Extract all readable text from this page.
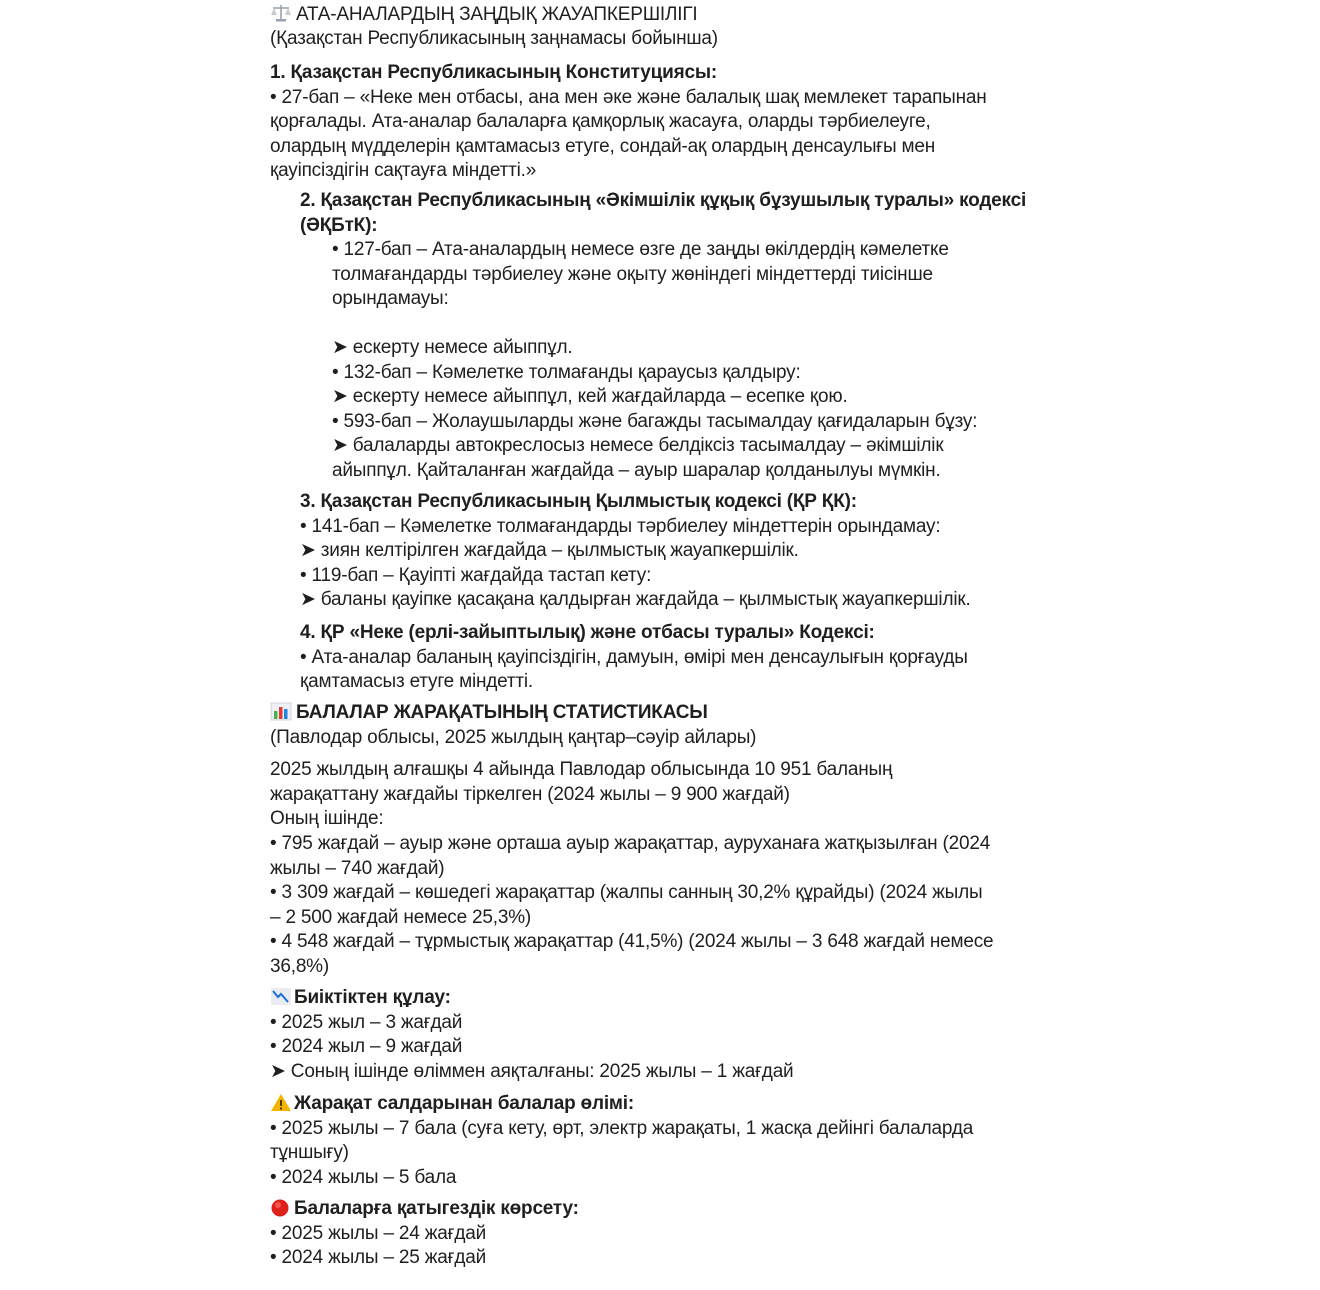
АТА-АНАЛАРДЫҢ ЗАҢДЫҚ ЖАУАПКЕРШІЛІГІ
(Қазақстан Республикасының заңнамасы бойынша)
1. Қазақстан Республикасының Конституциясы:
• 27-бап – «Неке мен отбасы, ана мен әке және балалық шақ мемлекет тарапынан
қорғалады. Ата-аналар балаларға қамқорлық жасауға, оларды тәрбиелеуге,
олардың мүдделерін қамтамасыз етуге, сондай-ақ олардың денсаулығы мен
қауіпсіздігін сақтауға міндетті.»
2. Қазақстан Республикасының «Әкімшілік құқық бұзушылық туралы» кодексі
(ӘҚБтК):
• 127-бап – Ата-аналардың немесе өзге де заңды өкілдердің кәмелетке
толмағандарды тәрбиелеу және оқыту жөніндегі міндеттерді тиісінше
орындамауы:
➤ ескерту немесе айыппұл.
• 132-бап – Кәмелетке толмағанды қараусыз қалдыру:
➤ ескерту немесе айыппұл, кей жағдайларда – есепке қою.
• 593-бап – Жолаушыларды және багажды тасымалдау қағидаларын бұзу:
➤ балаларды автокреслосыз немесе белдіксіз тасымалдау – әкімшілік
айыппұл. Қайталанған жағдайда – ауыр шаралар қолданылуы мүмкін.
3. Қазақстан Республикасының Қылмыстық кодексі (ҚР ҚК):
• 141-бап – Кәмелетке толмағандарды тәрбиелеу міндеттерін орындамау:
➤ зиян келтірілген жағдайда – қылмыстық жауапкершілік.
• 119-бап – Қауіпті жағдайда тастап кету:
➤ баланы қауіпке қасақана қалдырған жағдайда – қылмыстық жауапкершілік.
4. ҚР «Неке (ерлі-зайыптылық) және отбасы туралы» Кодексі:
• Ата-аналар баланың қауіпсіздігін, дамуын, өмірі мен денсаулығын қорғауды
қамтамасыз етуге міндетті.
БАЛАЛАР ЖАРАҚАТЫНЫҢ СТАТИСТИКАСЫ
(Павлодар облысы, 2025 жылдың қаңтар–сәуір айлары)
2025 жылдың алғашқы 4 айында Павлодар облысында 10 951 баланың
жарақаттану жағдайы тіркелген (2024 жылы – 9 900 жағдай)
Оның ішінде:
• 795 жағдай – ауыр және орташа ауыр жарақаттар, ауруханаға жатқызылған (2024
жылы – 740 жағдай)
• 3 309 жағдай – көшедегі жарақаттар (жалпы санның 30,2% құрайды) (2024 жылы
– 2 500 жағдай немесе 25,3%)
• 4 548 жағдай – тұрмыстық жарақаттар (41,5%) (2024 жылы – 3 648 жағдай немесе
36,8%)
Биіктіктен құлау:
• 2025 жыл – 3 жағдай
• 2024 жыл – 9 жағдай
➤ Соның ішінде өліммен аяқталғаны: 2025 жылы – 1 жағдай
Жарақат салдарынан балалар өлімі:
• 2025 жылы – 7 бала (суға кету, өрт, электр жарақаты, 1 жасқа дейінгі балаларда
тұншығу)
• 2024 жылы – 5 бала
Балаларға қатыгездік көрсету:
• 2025 жылы – 24 жағдай
• 2024 жылы – 25 жағдай
